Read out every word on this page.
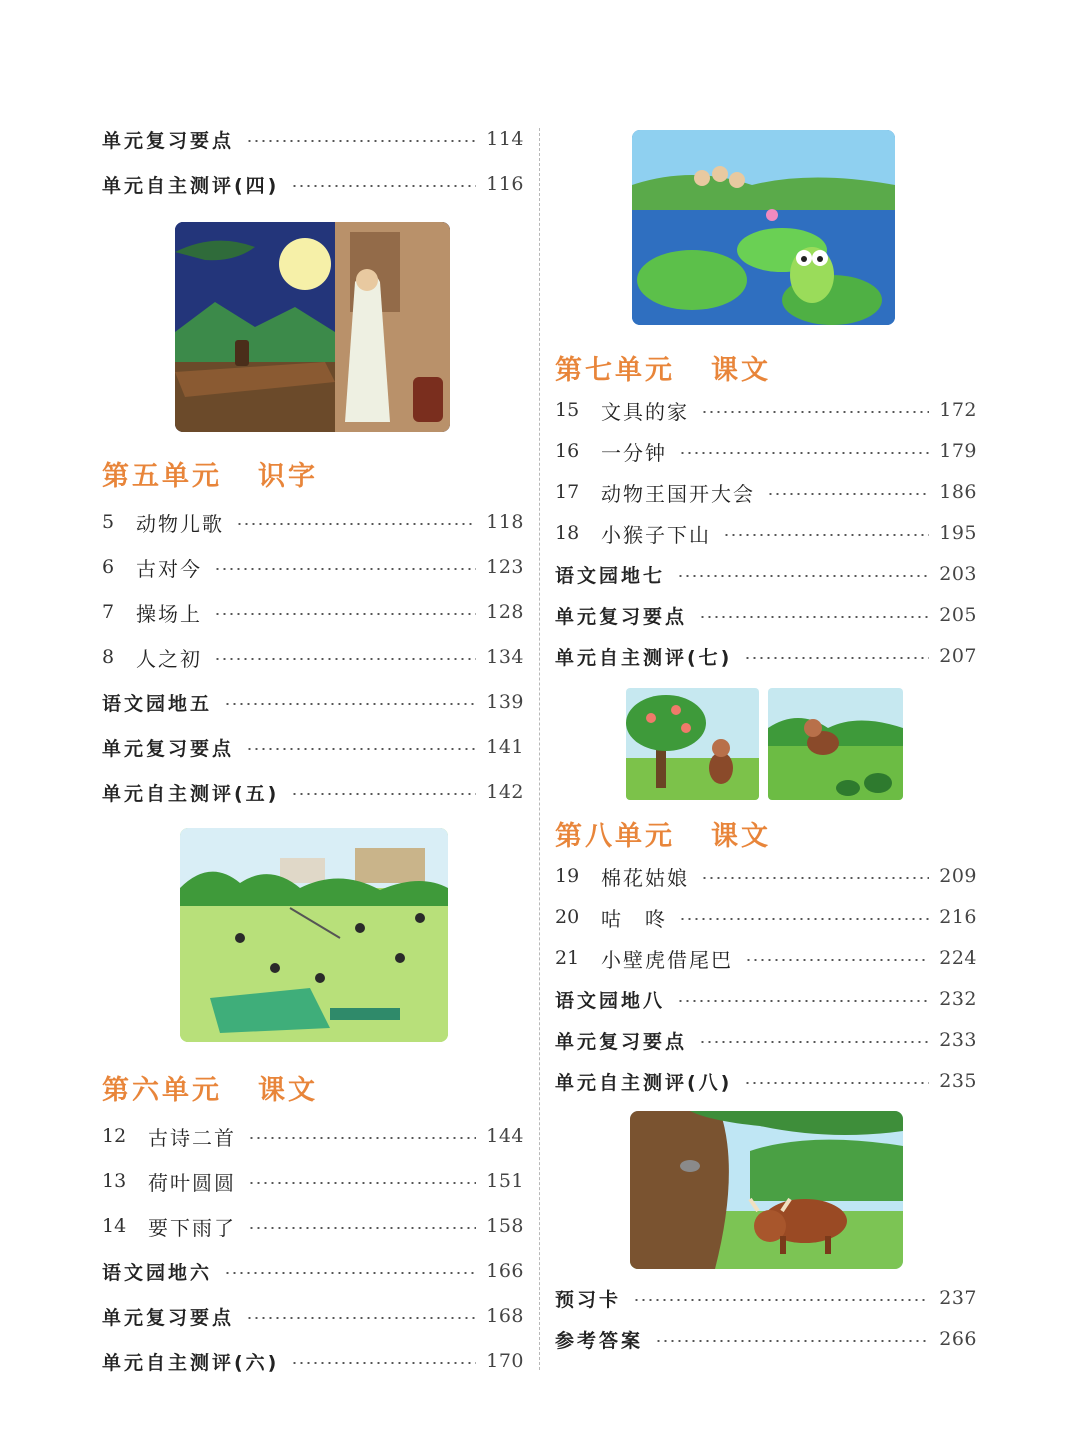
单元复习要点	114
单元自主测评(四)	116
第五单元 识字
5	动物儿歌	118
6	古对今	123
7	操场上	128
8	人之初	134
语文园地五	139
单元复习要点	141
单元自主测评(五)	142
第六单元 课文
12	古诗二首	144
13	荷叶圆圆	151
14	要下雨了	158
语文园地六	166
单元复习要点	168
单元自主测评(六)	170
第七单元 课文
15	文具的家	172
16	一分钟	179
17	动物王国开大会	186
18	小猴子下山	195
语文园地七	203
单元复习要点	205
单元自主测评(七)	207
第八单元 课文
19	棉花姑娘	209
20	咕　咚	216
21	小壁虎借尾巴	224
语文园地八	232
单元复习要点	233
单元自主测评(八)	235
预习卡	237
参考答案	266
